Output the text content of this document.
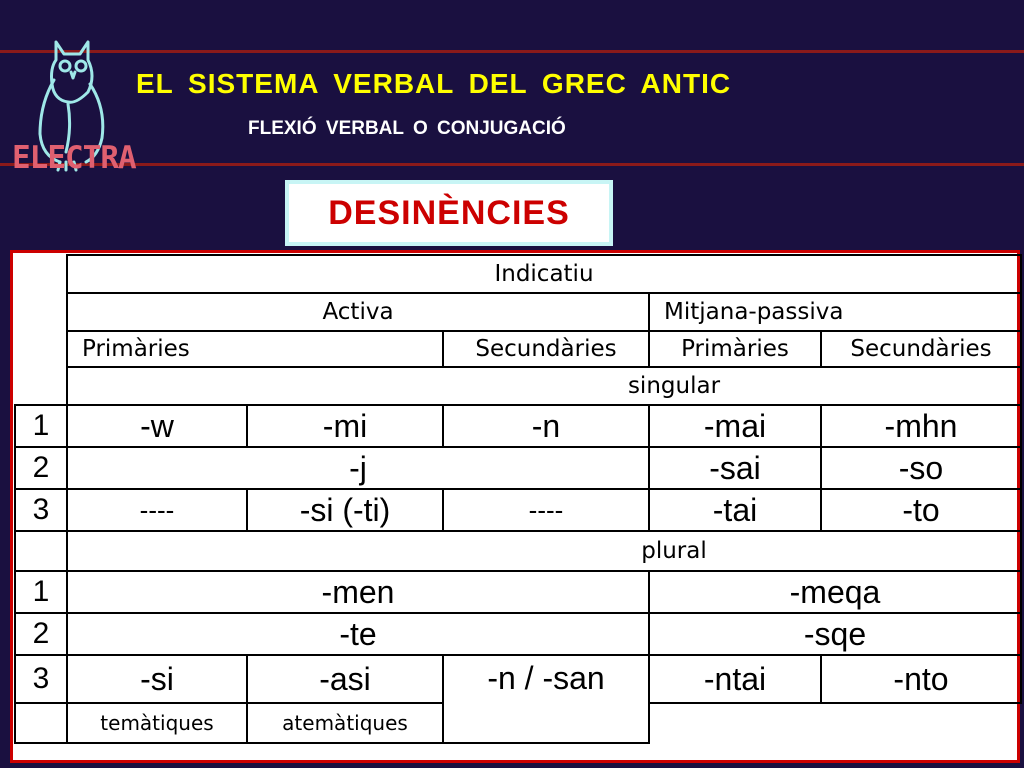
ELECTRA
EL SISTEMA VERBAL DEL GREC ANTIC
FLEXIÓ VERBAL O CONJUGACIÓ
DESINÈNCIES
	Indicatiu				
	Activa			Mitjana-passiva	
	Primàries		Secundàries	Primàries	Secundàries
	singular				
1	-w	-mi	-n	-mai	-mhn
2	-j			-sai	-so
3	----	-si (-ti)	----	-tai	-to
	plural				
1	-men			-meqa	
2	-te			-sqe	
3	-si	-asi	-n / -san	-ntai	-nto
	temàtiques	atemàtiques			
